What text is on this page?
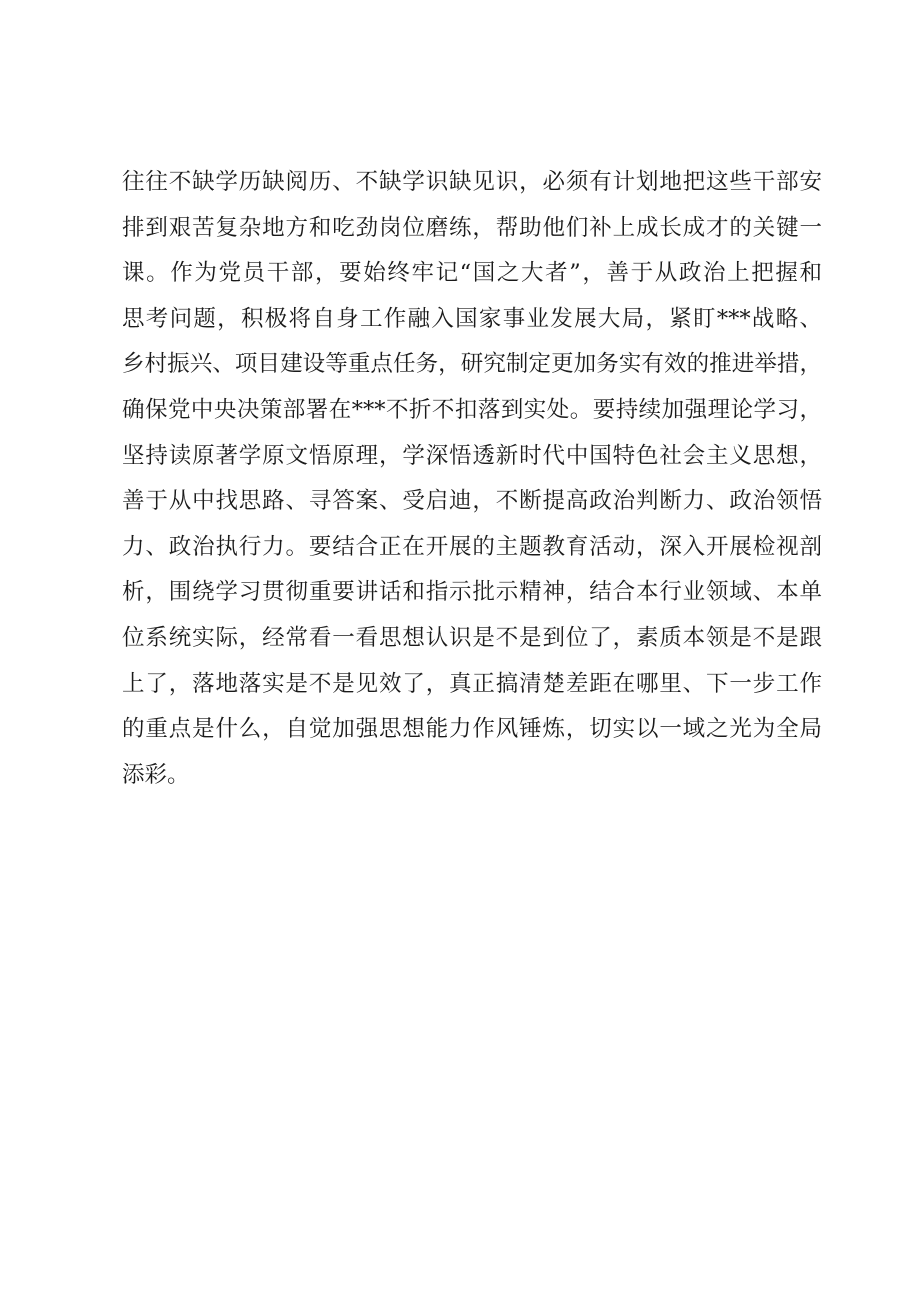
往往不缺学历缺阅历、不缺学识缺见识，必须有计划地把这些干部安
排到艰苦复杂地方和吃劲岗位磨练，帮助他们补上成长成才的关键一
课。作为党员干部，要始终牢记“国之大者”，善于从政治上把握和
思考问题，积极将自身工作融入国家事业发展大局，紧盯***战略、
乡村振兴、项目建设等重点任务，研究制定更加务实有效的推进举措，
确保党中央决策部署在***不折不扣落到实处。要持续加强理论学习，
坚持读原著学原文悟原理，学深悟透新时代中国特色社会主义思想，
善于从中找思路、寻答案、受启迪，不断提高政治判断力、政治领悟
力、政治执行力。要结合正在开展的主题教育活动，深入开展检视剖
析，围绕学习贯彻重要讲话和指示批示精神，结合本行业领域、本单
位系统实际，经常看一看思想认识是不是到位了，素质本领是不是跟
上了，落地落实是不是见效了，真正搞清楚差距在哪里、下一步工作
的重点是什么，自觉加强思想能力作风锤炼，切实以一域之光为全局
添彩。
